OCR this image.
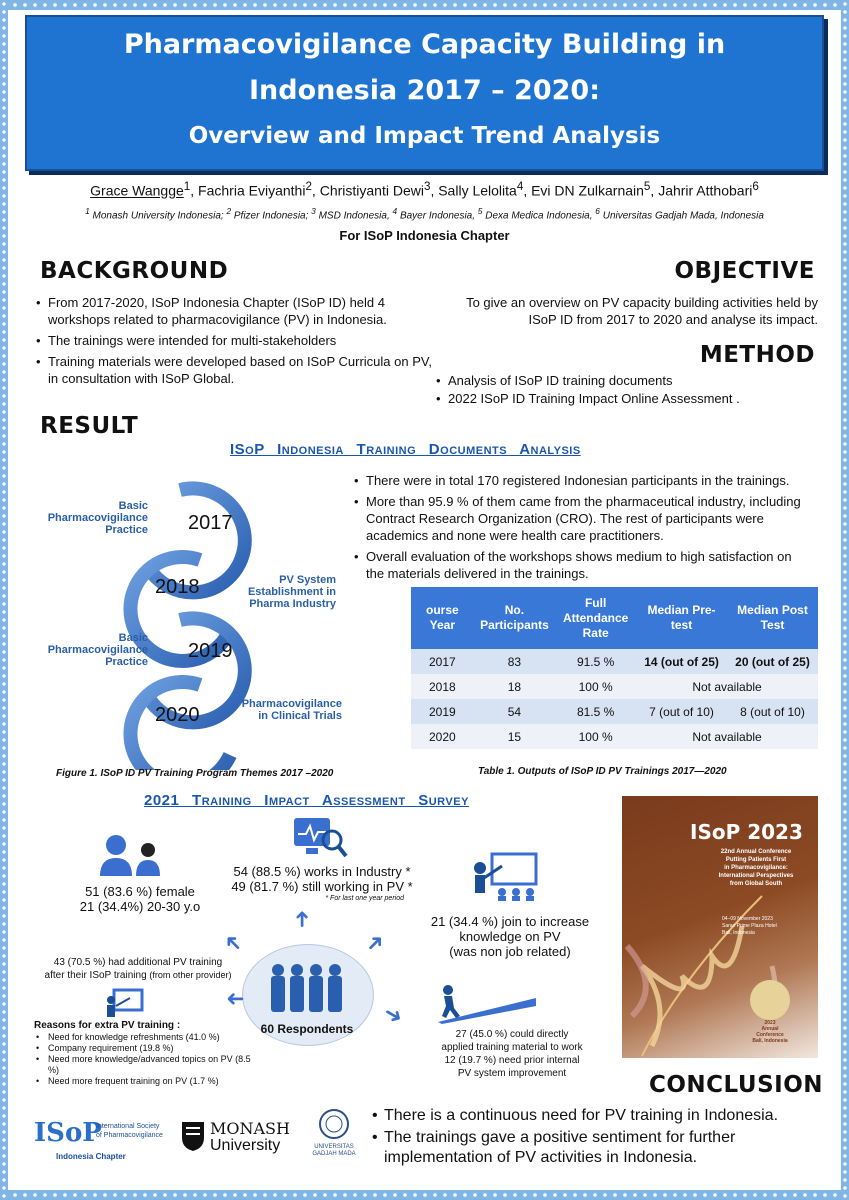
Pharmacovigilance Capacity Building in
Indonesia 2017 – 2020:
Overview and Impact Trend Analysis
Grace Wangge$^1$, Fachria Eviyanthi$^2$, Christiyanti Dewi$^3$, Sally Lelolita$^4$, Evi DN Zulkarnain$^5$, Jahrir Atthobari$^6$
$^1$ Monash University Indonesia; $^2$ Pfizer Indonesia; $^3$ MSD Indonesia, $^4$ Bayer Indonesia, $^5$ Dexa Medica Indonesia, $^6$ Universitas Gadjah Mada, Indonesia
For ISoP Indonesia Chapter
BACKGROUND
• From 2017-2020, ISoP Indonesia Chapter (ISoP ID) held 4 workshops related to pharmacovigilance (PV) in Indonesia.
• The trainings were intended for multi-stakeholders
• Training materials were developed based on ISoP Curricula on PV, in consultation with ISoP Global.
OBJECTIVE
To give an overview on PV capacity building activities held by ISoP ID from 2017 to 2020 and analyse its impact.
METHOD
• Analysis of ISoP ID training documents
• 2022 ISoP ID Training Impact Online Assessment .
RESULT
ISoP Indonesia Training Documents Analysis
2017
2018
2019
2020
Basic Pharmacovigilance Practice
PV System Establishment in Pharma Industry
Basic Pharmacovigilance Practice
Pharmacovigilance in Clinical Trials
Figure 1. ISoP ID PV Training Program Themes 2017 –2020
• There were in total 170 registered Indonesian participants in the trainings.
• More than 95.9 % of them came from the pharmaceutical industry, including Contract Research Organization (CRO). The rest of participants were academics and none were health care practitioners.
• Overall evaluation of the workshops shows medium to high satisfaction on the materials delivered in the trainings.
ourse Year	No. Participants	Full Attendance Rate	Median Pre-test	Median Post Test
2017	83	91.5 %	14 (out of 25)	20 (out of 25)
2018	18	100 %	Not available	
2019	54	81.5 %	7 (out of 10)	8 (out of 10)
2020	15	100 %	Not available	
Table 1. Outputs of ISoP ID PV Trainings 2017—2020
2021 Training Impact Assessment Survey
51 (83.6 %) female
21 (34.4%) 20-30 y.o
54 (88.5 %) works in Industry *
49 (81.7 %) still working in PV *
* For last one year period
21 (34.4 %) join to increase
knowledge on PV
(was non job related)
60 Respondents
➜
➜
➜
➜	➜
43 (70.5 %) had additional PV training
after their ISoP training (from other provider)
Reasons for extra PV training :
• Need for knowledge refreshments (41.0 %)
• Company requirement (19.8 %)
• Need more knowledge/advanced topics on PV (8.5 %)
• Need more frequent training on PV (1.7 %)
27 (45.0 %) could directly
applied training material to work
12 (19.7 %) need prior internal
PV system improvement
ISoP 2023
22nd Annual Conference
Putting Patients First
in Pharmacovigilance:
International Perspectives
from Global South
04–09 November 2023
Sanur Prime Plaza Hotel
Bali, Indonesia
2023
Annual
Conference
Bali, Indonesia
CONCLUSION
• There is a continuous need for PV training in Indonesia.
• The trainings gave a positive sentiment for further implementation of PV activities in Indonesia.
ISoP
International Society
of Pharmacovigilance
Indonesia Chapter
MONASH
University	UNIVERSITAS
GADJAH MADA
